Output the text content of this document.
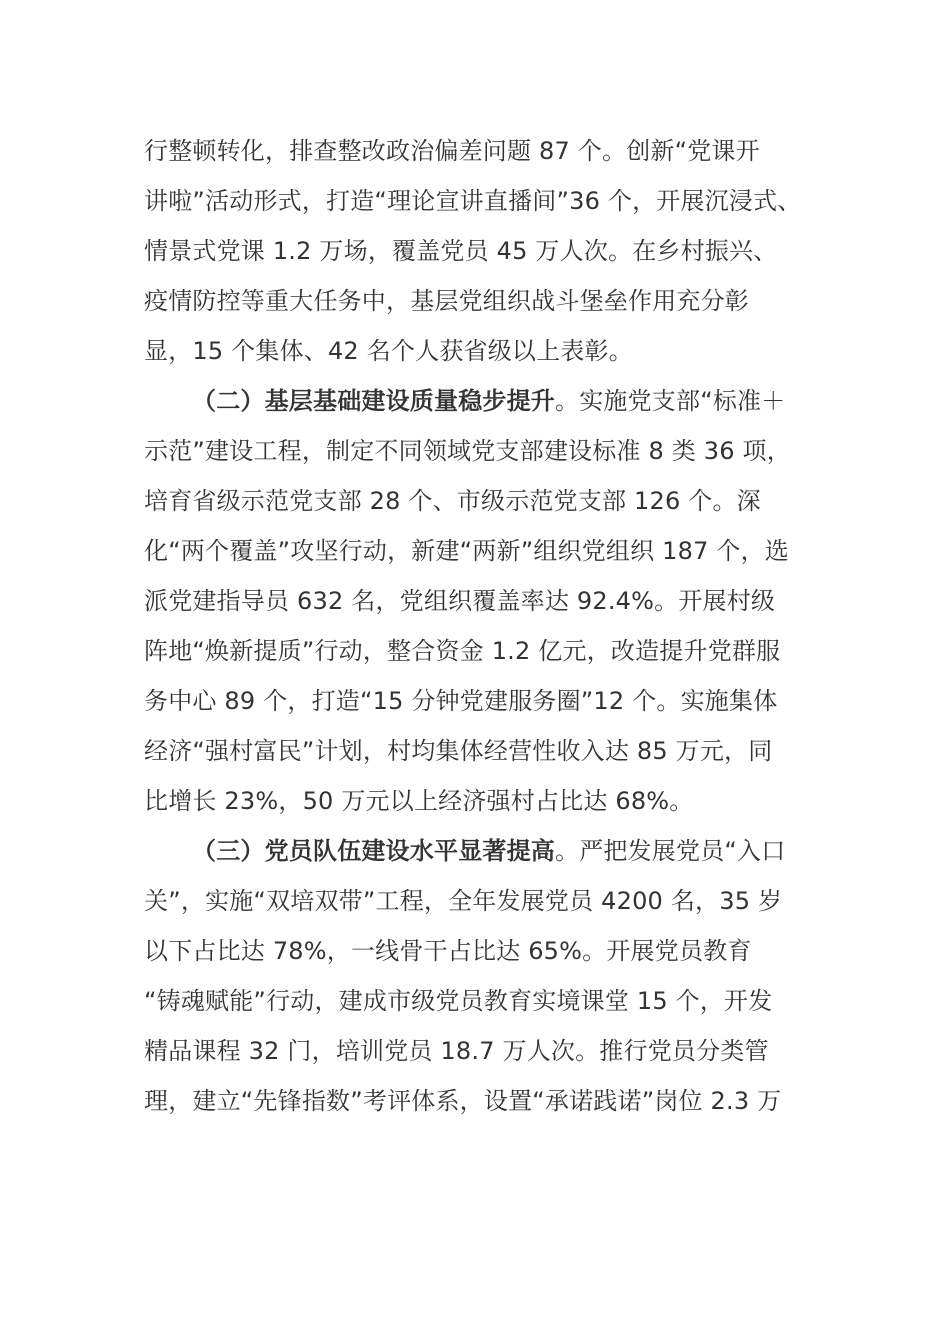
行整顿转化，排查整改政治偏差问题 87 个。创新“党课开
讲啦”活动形式，打造“理论宣讲直播间”36 个，开展沉浸式、
情景式党课 1.2 万场，覆盖党员 45 万人次。在乡村振兴、
疫情防控等重大任务中，基层党组织战斗堡垒作用充分彰
显，15 个集体、42 名个人获省级以上表彰。
（二）基层基础建设质量稳步提升。实施党支部“标准＋
示范”建设工程，制定不同领域党支部建设标准 8 类 36 项，
培育省级示范党支部 28 个、市级示范党支部 126 个。深
化“两个覆盖”攻坚行动，新建“两新”组织党组织 187 个，选
派党建指导员 632 名，党组织覆盖率达 92.4%。开展村级
阵地“焕新提质”行动，整合资金 1.2 亿元，改造提升党群服
务中心 89 个，打造“15 分钟党建服务圈”12 个。实施集体
经济“强村富民”计划，村均集体经营性收入达 85 万元，同
比增长 23%，50 万元以上经济强村占比达 68%。
（三）党员队伍建设水平显著提高。严把发展党员“入口
关”，实施“双培双带”工程，全年发展党员 4200 名，35 岁
以下占比达 78%，一线骨干占比达 65%。开展党员教育
“铸魂赋能”行动，建成市级党员教育实境课堂 15 个，开发
精品课程 32 门，培训党员 18.7 万人次。推行党员分类管
理，建立“先锋指数”考评体系，设置“承诺践诺”岗位 2.3 万
